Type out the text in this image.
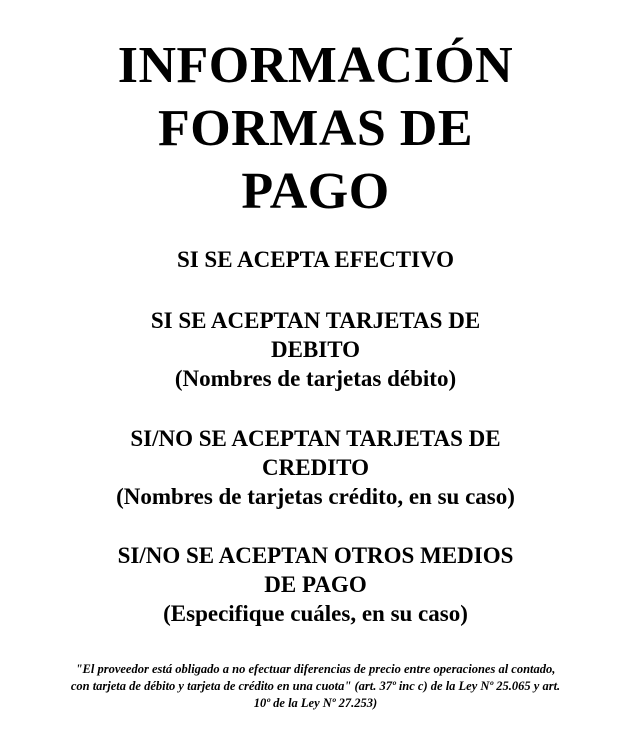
INFORMACIÓN
FORMAS DE
PAGO
SI SE ACEPTA EFECTIVO
SI SE ACEPTAN TARJETAS DE
DEBITO
(Nombres de tarjetas débito)
SI/NO SE ACEPTAN TARJETAS DE
CREDITO
(Nombres de tarjetas crédito, en su caso)
SI/NO SE ACEPTAN OTROS MEDIOS
DE PAGO
(Especifique cuáles, en su caso)

"El proveedor está obligado a no efectuar diferencias de precio entre operaciones al contado, con tarjeta de débito y tarjeta de crédito en una cuota" (art. 37º inc c) de la Ley Nº 25.065 y art. 10º de la Ley Nº 27.253)
